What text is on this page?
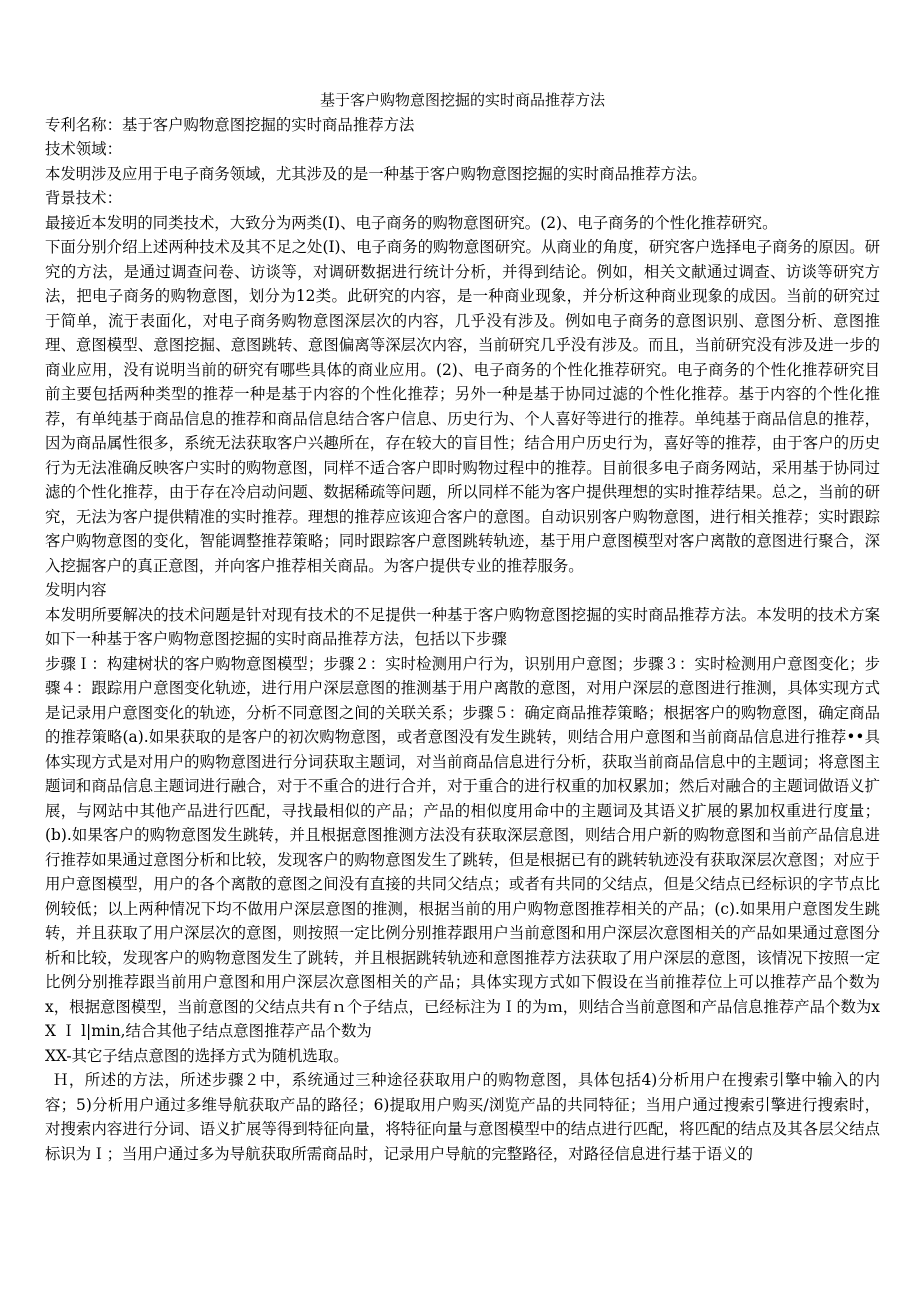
基于客户购物意图挖掘的实时商品推荐方法

专利名称：基于客户购物意图挖掘的实时商品推荐方法

技术领域：

本发明涉及应用于电子商务领域，尤其涉及的是一种基于客户购物意图挖掘的实时商品推荐方法。

背景技术：

最接近本发明的同类技术，大致分为两类(I)、电子商务的购物意图研究。(2)、电子商务的个性化推荐研究。

下面分别介绍上述两种技术及其不足之处(I)、电子商务的购物意图研究。从商业的角度，研究客户选择电子商务的原因。研究的方法，是通过调查问卷、访谈等，对调研数据进行统计分析，并得到结论。例如，相关文献通过调查、访谈等研究方法，把电子商务的购物意图，划分为12类。此研究的内容，是一种商业现象，并分析这种商业现象的成因。当前的研究过于简单，流于表面化，对电子商务购物意图深层次的内容，几乎没有涉及。例如电子商务的意图识别、意图分析、意图推理、意图模型、意图挖掘、意图跳转、意图偏离等深层次内容，当前研究几乎没有涉及。而且，当前研究没有涉及进一步的商业应用，没有说明当前的研究有哪些具体的商业应用。(2)、电子商务的个性化推荐研究。电子商务的个性化推荐研究目前主要包括两种类型的推荐一种是基于内容的个性化推荐；另外一种是基于协同过滤的个性化推荐。基于内容的个性化推荐，有单纯基于商品信息的推荐和商品信息结合客户信息、历史行为、个人喜好等进行的推荐。单纯基于商品信息的推荐，因为商品属性很多，系统无法获取客户兴趣所在，存在较大的盲目性；结合用户历史行为，喜好等的推荐，由于客户的历史行为无法准确反映客户实时的购物意图，同样不适合客户即时购物过程中的推荐。目前很多电子商务网站，采用基于协同过滤的个性化推荐，由于存在冷启动问题、数据稀疏等问题，所以同样不能为客户提供理想的实时推荐结果。总之，当前的研究，无法为客户提供精准的实时推荐。理想的推荐应该迎合客户的意图。自动识别客户购物意图，进行相关推荐；实时跟踪客户购物意图的变化，智能调整推荐策略；同时跟踪客户意图跳转轨迹，基于用户意图模型对客户离散的意图进行聚合，深入挖掘客户的真正意图，并向客户推荐相关商品。为客户提供专业的推荐服务。

发明内容

本发明所要解决的技术问题是针对现有技术的不足提供一种基于客户购物意图挖掘的实时商品推荐方法。本发明的技术方案如下一种基于客户购物意图挖掘的实时商品推荐方法，包括以下步骤

步骤Ｉ：构建树状的客户购物意图模型；步骤２：实时检测用户行为，识别用户意图；步骤３：实时检测用户意图变化；步骤４：跟踪用户意图变化轨迹，进行用户深层意图的推测基于用户离散的意图，对用户深层的意图进行推测，具体实现方式是记录用户意图变化的轨迹，分析不同意图之间的关联关系；步骤５：确定商品推荐策略；根据客户的购物意图，确定商品的推荐策略(a).如果获取的是客户的初次购物意图，或者意图没有发生跳转，则结合用户意图和当前商品信息进行推荐••具体实现方式是对用户的购物意图进行分词获取主题词，对当前商品信息进行分析，获取当前商品信息中的主题词；将意图主题词和商品信息主题词进行融合，对于不重合的进行合并，对于重合的进行权重的加权累加；然后对融合的主题词做语义扩展，与网站中其他产品进行匹配，寻找最相似的产品；产品的相似度用命中的主题词及其语义扩展的累加权重进行度量；(b).如果客户的购物意图发生跳转，并且根据意图推测方法没有获取深层意图，则结合用户新的购物意图和当前产品信息进行推荐如果通过意图分析和比较，发现客户的购物意图发生了跳转，但是根据已有的跳转轨迹没有获取深层次意图；对应于用户意图模型，用户的各个离散的意图之间没有直接的共同父结点；或者有共同的父结点，但是父结点已经标识的字节点比例较低；以上两种情况下均不做用户深层意图的推测，根据当前的用户购物意图推荐相关的产品；(c).如果用户意图发生跳转，并且获取了用户深层次的意图，则按照一定比例分别推荐跟用户当前意图和用户深层次意图相关的产品如果通过意图分析和比较，发现客户的购物意图发生了跳转，并且根据跳转轨迹和意图推荐方法获取了用户深层的意图，该情况下按照一定比例分别推荐跟当前用户意图和用户深层次意图相关的产品；具体实现方式如下假设在当前推荐位上可以推荐产品个数为x，根据意图模型，当前意图的父结点共有ｎ个子结点，已经标注为Ｉ的为ｍ，则结合当前意图和产品信息推荐产品个数为xX Ｉ l|min,结合其他子结点意图推荐产品个数为

XX-其它子结点意图的选择方式为随机选取。

Ｈ，所述的方法，所述步骤２中，系统通过三种途径获取用户的购物意图，具体包括4)分析用户在搜索引擎中输入的内容；5)分析用户通过多维导航获取产品的路径；6)提取用户购买/浏览产品的共同特征；当用户通过搜索引擎进行搜索时，对搜索内容进行分词、语义扩展等得到特征向量，将特征向量与意图模型中的结点进行匹配，将匹配的结点及其各层父结点标识为Ｉ；当用户通过多为导航获取所需商品时，记录用户导航的完整路径，对路径信息进行基于语义的
